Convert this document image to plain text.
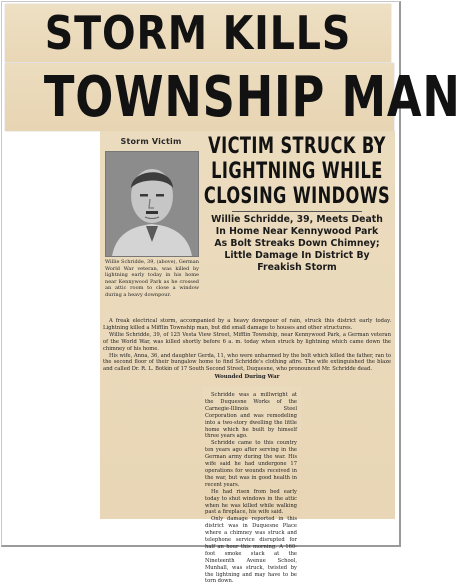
STORM KILLS
TOWNSHIP MAN
Storm Victim
Willie Schridde, 39, (above), German World War veteran, was killed by lightning early today in his home near Kennywood Park as he crossed an attic room to close a window during a heavy downpour.
VICTIM STRUCK BY
LIGHTNING WHILE
CLOSING WINDOWS
Willie Schridde, 39, Meets Death In Home Near Kennywood Park As Bolt Streaks Down Chimney; Little Damage In District By Freakish Storm

A freak electrical storm, accompanied by a heavy downpour of rain, struck this district early today. Lightning killed a Mifflin Township man, but did small damage to houses and other structures.

Willie Schridde, 39, of 125 Vesta View Street, Mifflin Township, near Kennywood Park, a German veteran of the World War, was killed shortly before 6 a. m. today when struck by lightning which came down the chimney of his home.

His wife, Anna, 36, and daughter Gerda, 11, who were unharmed by the bolt which killed the father, ran to the second floor of their bungalow home to find Schridde's clothing afire. The wife extinguished the blaze and called Dr. R. L. Botkin of 17 South Second Street, Duquesne, who pronounced Mr. Schridde dead.

Wounded During War

Schridde was a millwright at the Duquesne Works of the Carnegie-Illinois Steel Corporation and was remodeling into a two-story dwelling the little home which he built by himself three years ago.

Schridde came to this country ten years ago after serving in the German army during the war. His wife said he had undergone 17 operations for wounds received in the war, but was in good health in recent years.

He had risen from bed early today to shut windows in the attic when he was killed while walking past a fireplace, his wife said.

Only damage reported in this district was in Duquesne Place where a chimney was struck and telephone service disrupted for half an hour this morning. A 160-foot smoke stack at the Nineteenth Avenue School, Munhall, was struck, twisted by the lightning and may have to be torn down.
